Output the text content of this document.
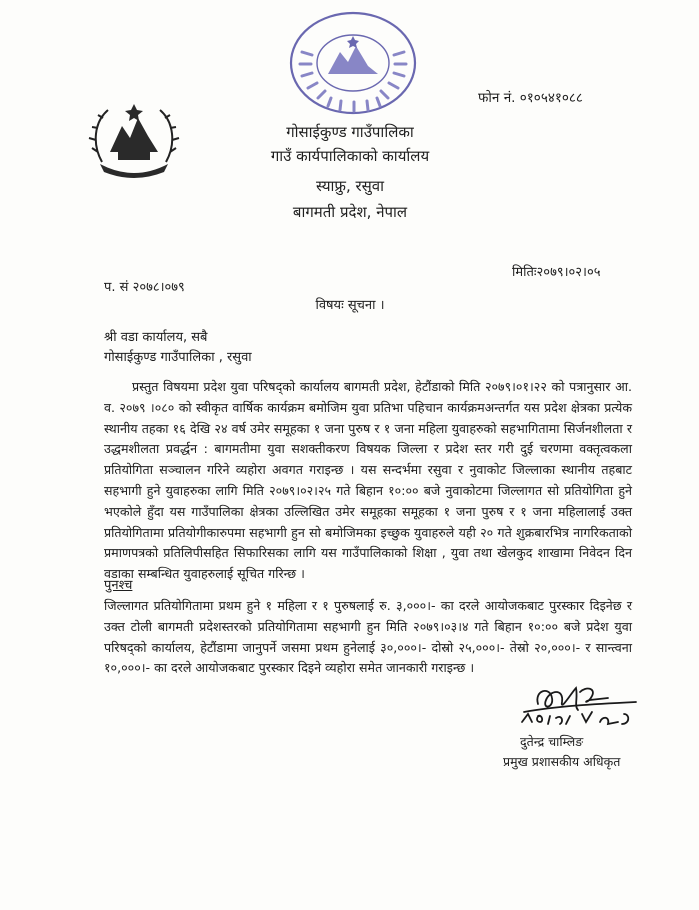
फोन नं. ०१०५४१०८८

गोसाईकुण्ड गाउँपालिका

गाउँ कार्यपालिकाको कार्यालय

स्याफ्रु, रसुवा

बागमती प्रदेश, नेपाल

मितिः२०७९।०२।०५

प. सं २०७८।०७९

विषयः सूचना ।

श्री वडा कार्यालय, सबै

गोसाईकुण्ड गाउँपालिका , रसुवा

प्रस्तुत विषयमा प्रदेश युवा परिषद्को कार्यालय बागमती प्रदेश, हेटौंडाको मिति २०७९।०१।२२ को पत्रानुसार आ. व. २०७९ ।०८० को स्वीकृत वार्षिक कार्यक्रम बमोजिम युवा प्रतिभा पहिचान कार्यक्रमअन्तर्गत यस प्रदेश क्षेत्रका प्रत्येक स्थानीय तहका १६ देखि २४ वर्ष उमेर समूहका १ जना पुरुष र १ जना महिला युवाहरुको सहभागितामा सिर्जनशीलता र उद्धमशीलता प्रवर्द्धन : बागमतीमा युवा सशक्तीकरण विषयक जिल्ला र प्रदेश स्तर गरी दुई चरणमा वक्तृत्वकला प्रतियोगिता सञ्चालन गरिने व्यहोरा अवगत गराइन्छ । यस सन्दर्भमा रसुवा र नुवाकोट जिल्लाका स्थानीय तहबाट सहभागी हुने युवाहरुका लागि मिति २०७९।०२।२५ गते बिहान १०:०० बजे नुवाकोटमा जिल्लागत सो प्रतियोगिता हुने भएकोले हुँदा यस गाउँपालिका क्षेत्रका उल्लिखित उमेर समूहका समूहका १ जना पुरुष र १ जना महिलालाई उक्त प्रतियोगितामा प्रतियोगीकारुपमा सहभागी हुन सो बमोजिमका इच्छुक युवाहरुले यही २० गते शुक्रबारभित्र नागरिकताको प्रमाणपत्रको प्रतिलिपीसहित सिफारिसका लागि यस गाउँपालिकाको शिक्षा , युवा तथा खेलकुद शाखामा निवेदन दिन वडाका सम्बन्धित युवाहरुलाई सूचित गरिन्छ ।

पुनश्च

जिल्लागत प्रतियोगितामा प्रथम हुने १ महिला र १ पुरुषलाई रु. ३,०००।- का दरले आयोजकबाट पुरस्कार दिइनेछ र उक्त टोली बागमती प्रदेशस्तरको प्रतियोगितामा सहभागी हुन मिति २०७९।०३।४ गते बिहान १०:०० बजे प्रदेश युवा परिषद्को कार्यालय, हेटौंडामा जानुपर्ने जसमा प्रथम हुनेलाई ३०,०००।- दोस्रो २५,०००।- तेस्रो २०,०००।- र सान्त्वना १०,०००।- का दरले आयोजकबाट पुरस्कार दिइने व्यहोरा समेत जानकारी गराइन्छ ।

दुतेन्द्र चाम्लिङ

प्रमुख प्रशासकीय अधिकृत
